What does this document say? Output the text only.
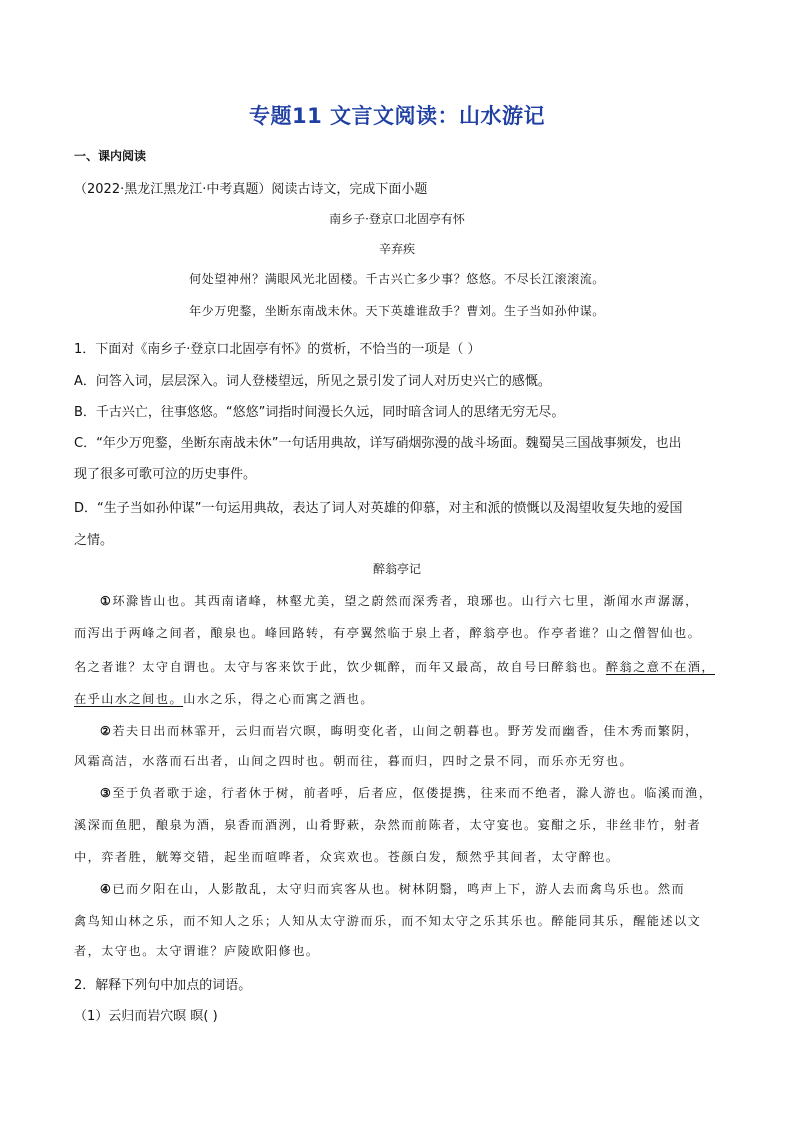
专题11 文言文阅读：山水游记
一、课内阅读
（2022·黑龙江黑龙江·中考真题）阅读古诗文，完成下面小题
南乡子·登京口北固亭有怀
辛弃疾
何处望神州？满眼风光北固楼。千古兴亡多少事？悠悠。不尽长江滚滚流。
年少万兜鍪，坐断东南战未休。天下英雄谁敌手？曹刘。生子当如孙仲谋。
1．下面对《南乡子·登京口北固亭有怀》的赏析，不恰当的一项是（ ）
A．问答入词，层层深入。词人登楼望远，所见之景引发了词人对历史兴亡的感慨。
B．千古兴亡，往事悠悠。“悠悠”词指时间漫长久远，同时暗含词人的思绪无穷无尽。
C．“年少万兜鍪，坐断东南战未休”一句话用典故，详写硝烟弥漫的战斗场面。魏蜀吴三国战事频发，也出
现了很多可歌可泣的历史事件。
D．“生子当如孙仲谋”一句运用典故，表达了词人对英雄的仰慕，对主和派的愤慨以及渴望收复失地的爱国
之情。
醉翁亭记
①环滁皆山也。其西南诸峰，林壑尤美，望之蔚然而深秀者，琅琊也。山行六七里，渐闻水声潺潺，
而泻出于两峰之间者，酿泉也。峰回路转，有亭翼然临于泉上者，醉翁亭也。作亭者谁？山之僧智仙也。
名之者谁？太守自谓也。太守与客来饮于此，饮少辄醉，而年又最高，故自号曰醉翁也。醉翁之意不在酒，
在乎山水之间也。山水之乐，得之心而寓之酒也。
②若夫日出而林霏开，云归而岩穴暝，晦明变化者，山间之朝暮也。野芳发而幽香，佳木秀而繁阴，
风霜高洁，水落而石出者，山间之四时也。朝而往，暮而归，四时之景不同，而乐亦无穷也。
③至于负者歌于途，行者休于树，前者呼，后者应，伛偻提携，往来而不绝者，滁人游也。临溪而渔，
溪深而鱼肥，酿泉为酒，泉香而酒洌，山肴野蔌，杂然而前陈者，太守宴也。宴酣之乐，非丝非竹，射者
中，弈者胜，觥筹交错，起坐而喧哗者，众宾欢也。苍颜白发，颓然乎其间者，太守醉也。
④已而夕阳在山，人影散乱，太守归而宾客从也。树林阴翳，鸣声上下，游人去而禽鸟乐也。然而
禽鸟知山林之乐，而不知人之乐；人知从太守游而乐，而不知太守之乐其乐也。醉能同其乐，醒能述以文
者，太守也。太守谓谁？庐陵欧阳修也。
2．解释下列句中加点的词语。
（1）云归而岩穴暝 暝( )
